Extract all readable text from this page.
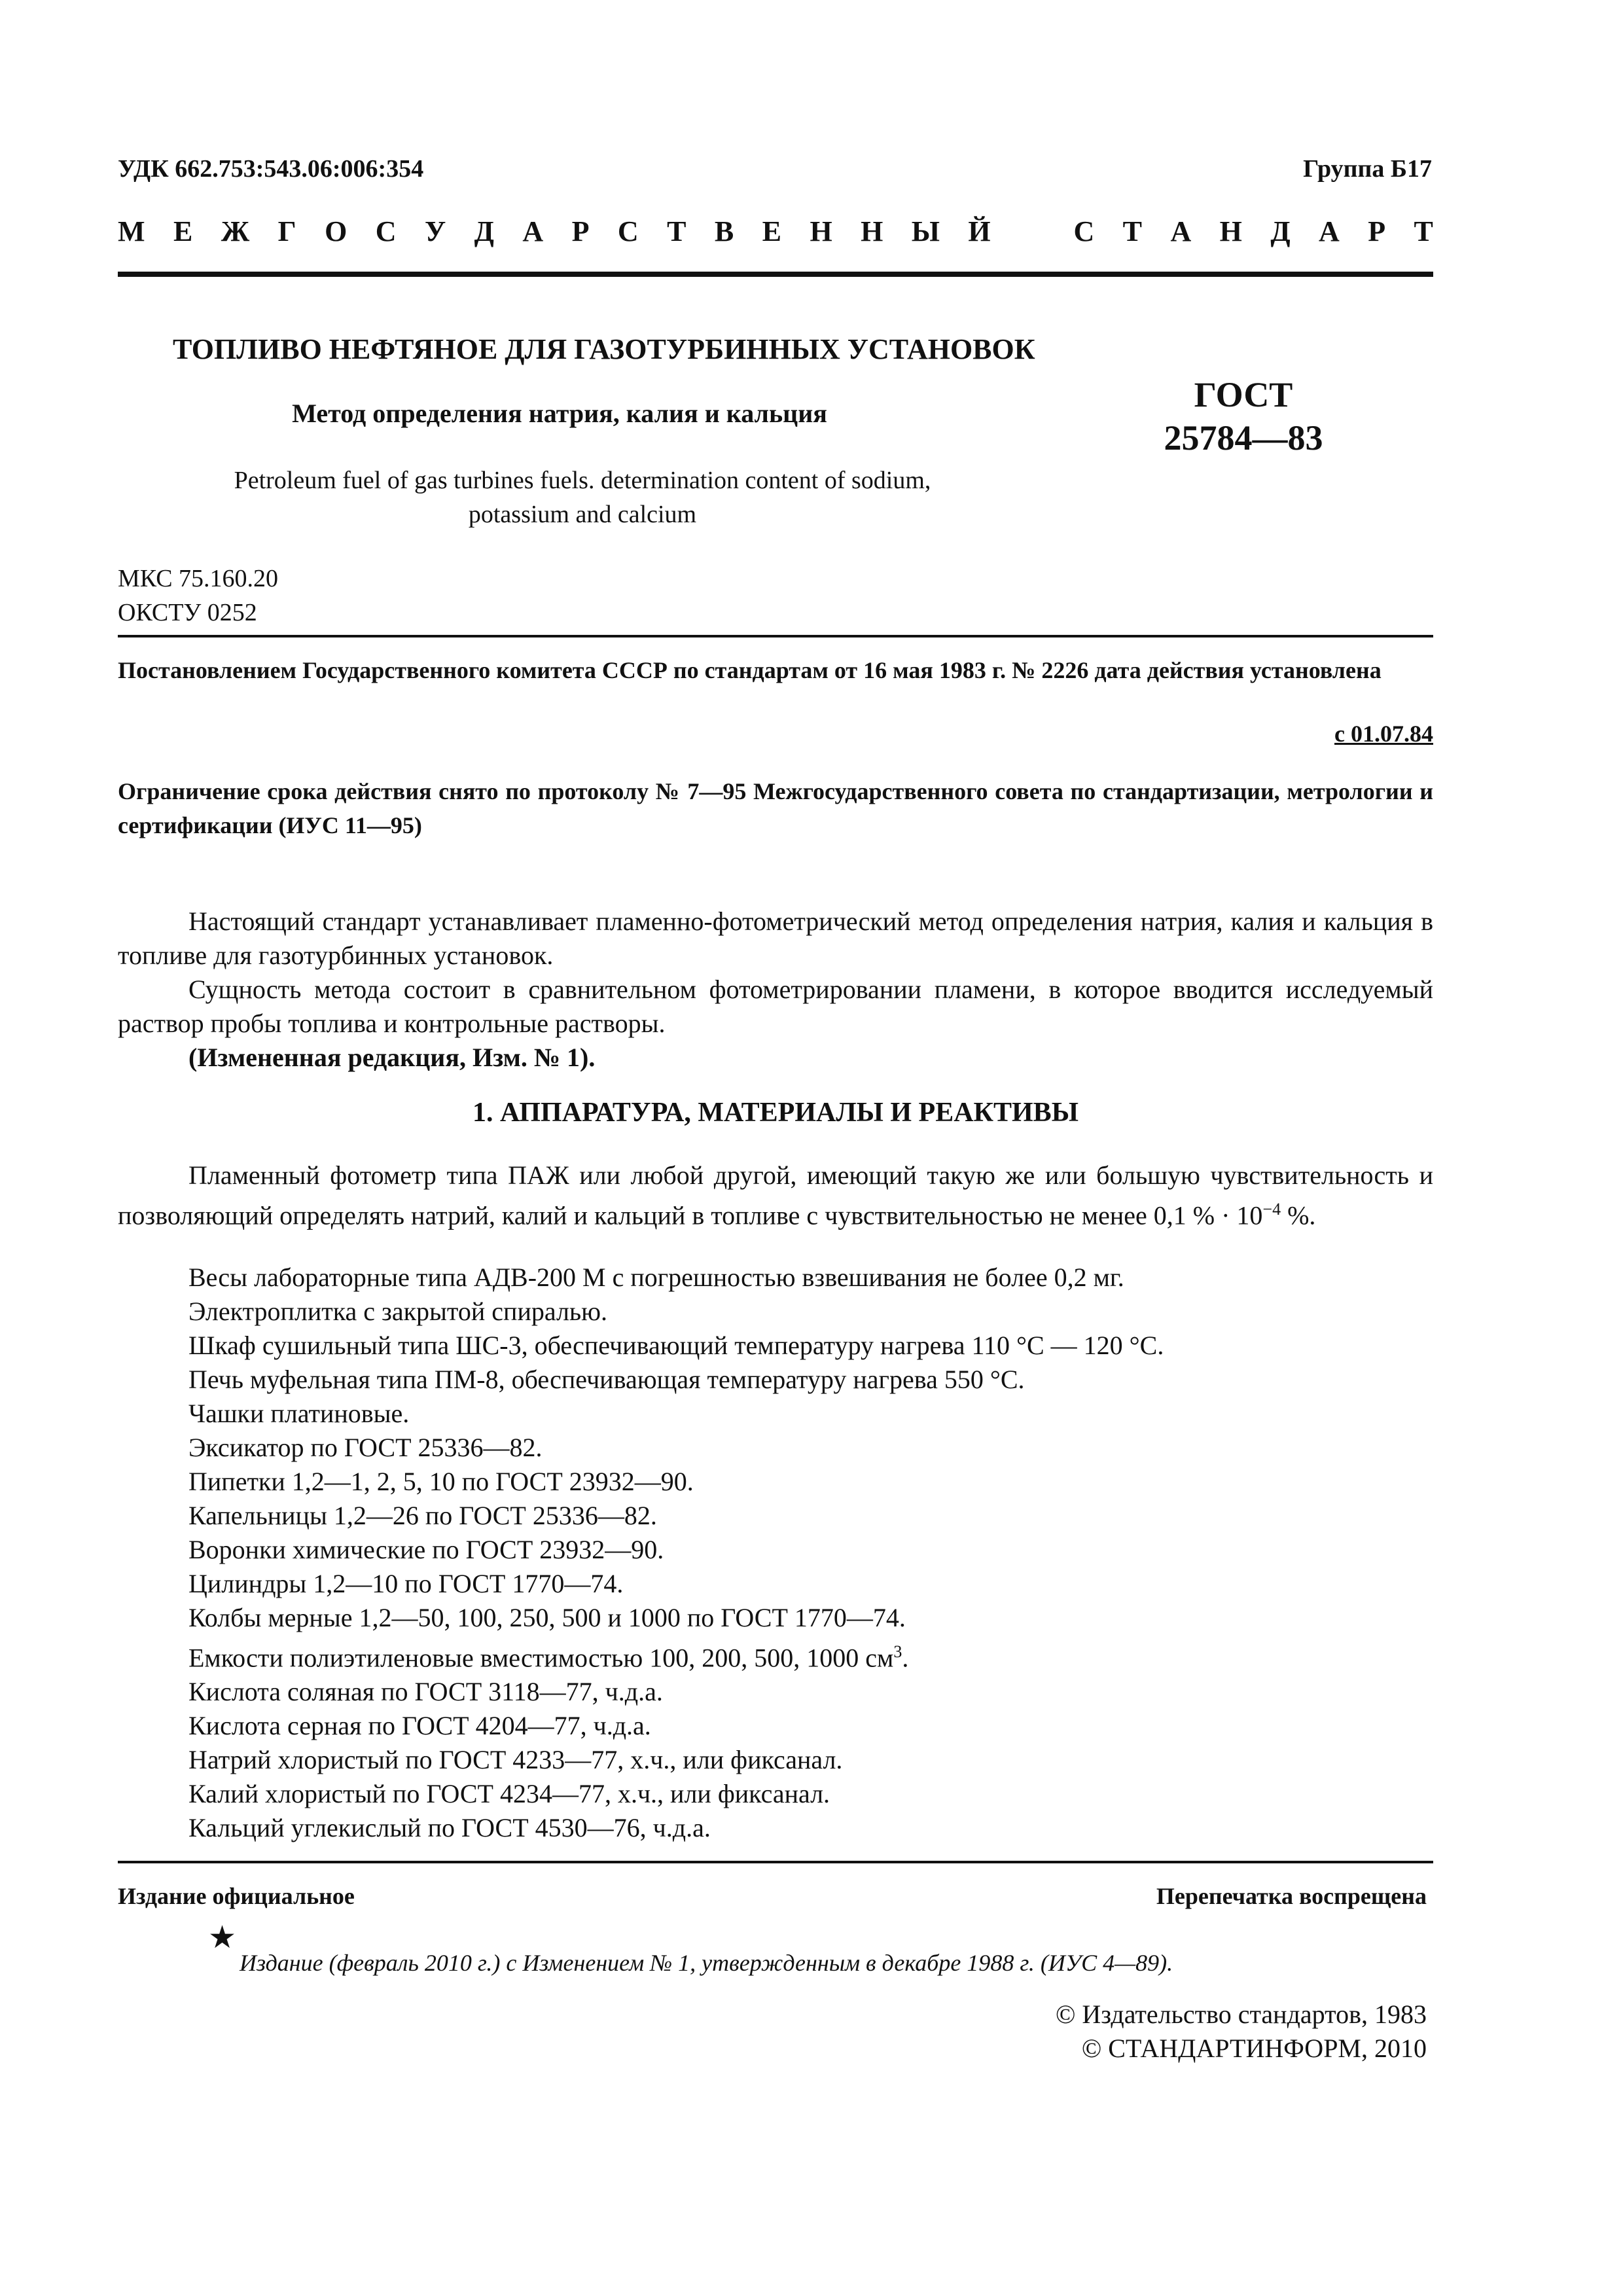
УДК 662.753:543.06:006:354	Группа Б17
М Е Ж Г О С У Д А Р С Т В Е Н Н Ы Й	С Т А Н Д А Р Т
ТОПЛИВО НЕФТЯНОЕ ДЛЯ ГАЗОТУРБИННЫХ УСТАНОВОК
Метод определения натрия, калия и кальция	ГОСТ
25784—83
Petroleum fuel of gas turbines fuels. determination content of sodium,
potassium and calcium
МКС 75.160.20
ОКСТУ 0252
Постановлением Государственного комитета СССР по стандартам от 16 мая 1983 г. № 2226 дата действия установлена
с 01.07.84
Ограничение срока действия снято по протоколу № 7—95 Межгосударственного совета по стандартизации, метрологии и сертификации (ИУС 11—95)
Настоящий стандарт устанавливает пламенно-фотометрический метод определения натрия, калия и кальция в топливе для газотурбинных установок.
Сущность метода состоит в сравнительном фотометрировании пламени, в которое вводится исследуемый раствор пробы топлива и контрольные растворы.
(Измененная редакция, Изм. № 1).
1. АППАРАТУРА, МАТЕРИАЛЫ И РЕАКТИВЫ
Пламенный фотометр типа ПАЖ или любой другой, имеющий такую же или большую чувствительность и позволяющий определять натрий, калий и кальций в топливе с чувствительностью не менее 0,1 % · $10^{-4}$ %.
Весы лабораторные типа АДВ-200 М с погрешностью взвешивания не более 0,2 мг.
Электроплитка с закрытой спиралью.
Шкаф сушильный типа ШС-3, обеспечивающий температуру нагрева 110 °С — 120 °С.
Печь муфельная типа ПМ-8, обеспечивающая температуру нагрева 550 °С.
Чашки платиновые.
Эксикатор по ГОСТ 25336—82.
Пипетки 1,2—1, 2, 5, 10 по ГОСТ 23932—90.
Капельницы 1,2—26 по ГОСТ 25336—82.
Воронки химические по ГОСТ 23932—90.
Цилиндры 1,2—10 по ГОСТ 1770—74.
Колбы мерные 1,2—50, 100, 250, 500 и 1000 по ГОСТ 1770—74.
Емкости полиэтиленовые вместимостью 100, 200, 500, 1000 $см^3$.
Кислота соляная по ГОСТ 3118—77, ч.д.а.
Кислота серная по ГОСТ 4204—77, ч.д.а.
Натрий хлористый по ГОСТ 4233—77, х.ч., или фиксанал.
Калий хлористый по ГОСТ 4234—77, х.ч., или фиксанал.
Кальций углекислый по ГОСТ 4530—76, ч.д.а.
Издание официальное	Перепечатка воспрещена
★
Издание (февраль 2010 г.) с Изменением № 1, утвержденным в декабре 1988 г. (ИУС 4—89).
© Издательство стандартов, 1983
© СТАНДАРТИНФОРМ, 2010
